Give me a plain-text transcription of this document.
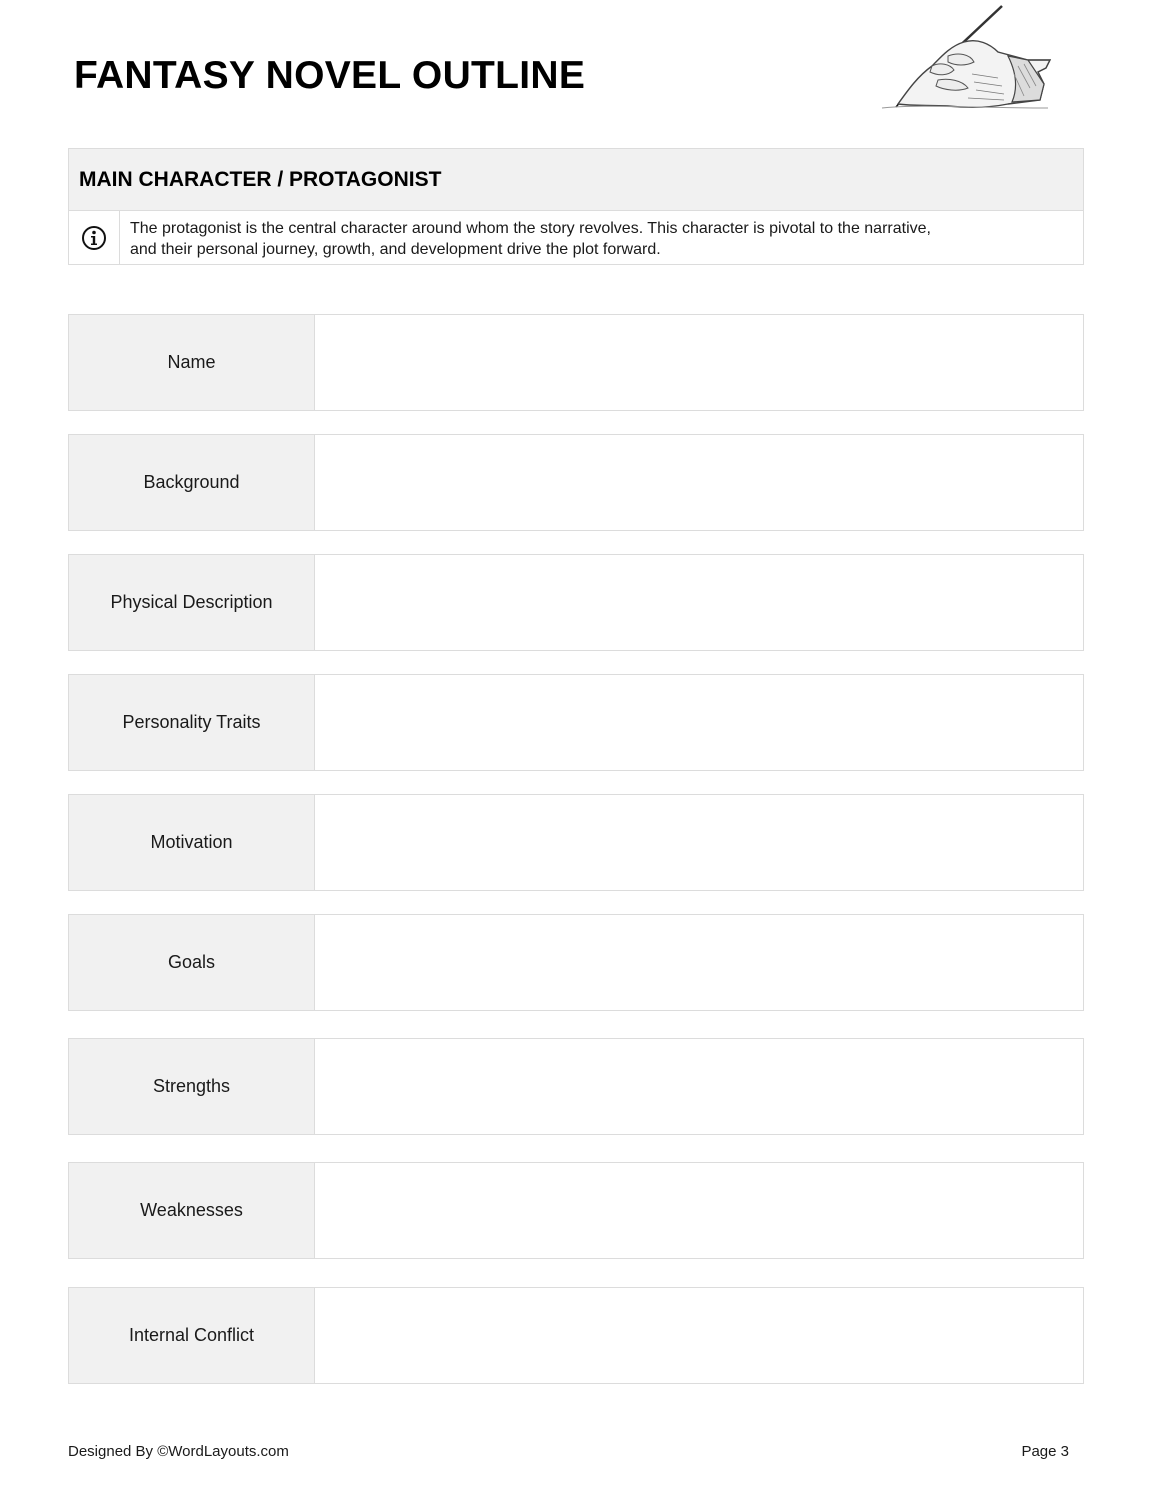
FANTASY NOVEL OUTLINE
MAIN CHARACTER / PROTAGONIST
The protagonist is the central character around whom the story revolves. This character is pivotal to the narrative,
and their personal journey, growth, and development drive the plot forward.
Name
Background
Physical Description
Personality Traits
Motivation
Goals
Strengths
Weaknesses
Internal Conflict
Designed By ©WordLayouts.com	Page 3
